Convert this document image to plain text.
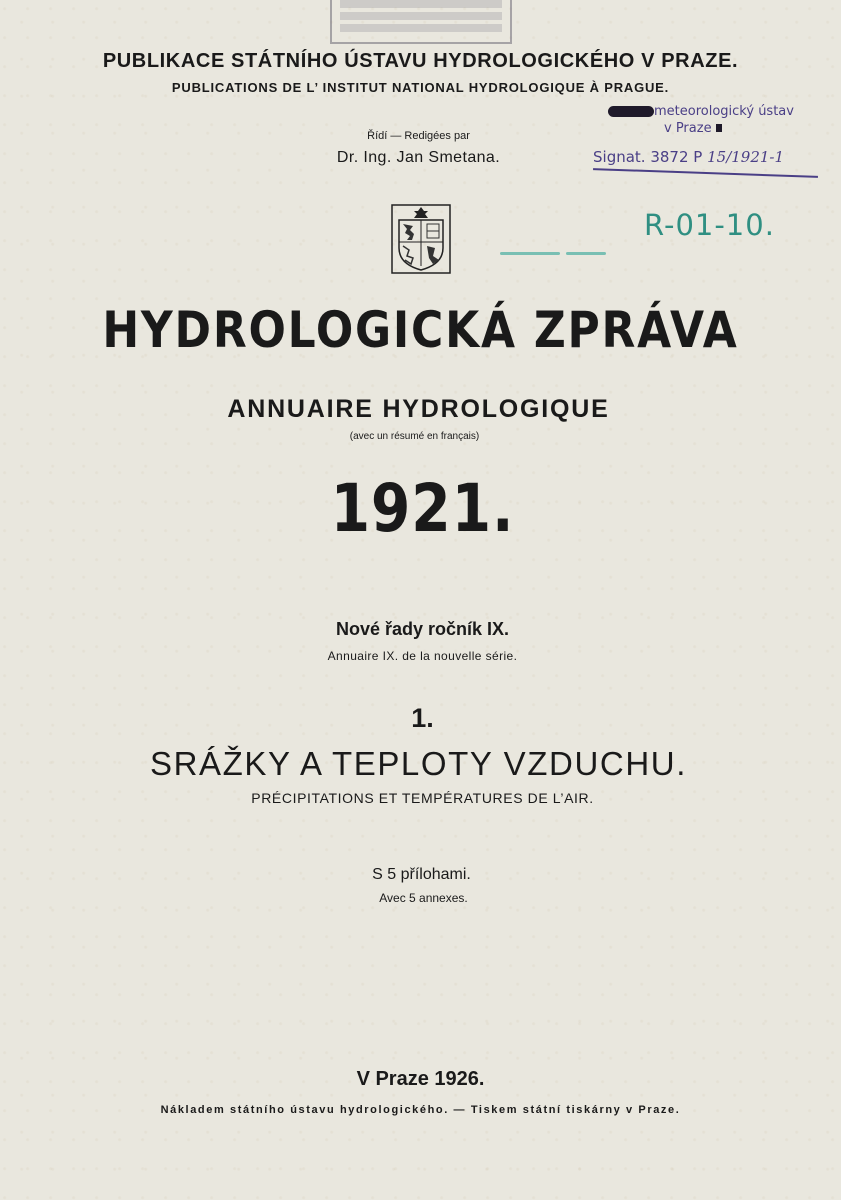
PUBLIKACE STÁTNÍHO ÚSTAVU HYDROLOGICKÉHO V PRAZE.
PUBLICATIONS DE L’ INSTITUT NATIONAL HYDROLOGIQUE À PRAGUE.
Řídí — Redigées par
Dr. Ing. Jan Smetana.
meteorologický ústav
v Praze
Signat. 3872 P 15/1921-1
R-01-10.
HYDROLOGICKÁ ZPRÁVA
ANNUAIRE HYDROLOGIQUE
(avec un résumé en français)
1921.
Nové řady ročník IX.
Annuaire IX. de la nouvelle série.
1.
SRÁŽKY A TEPLOTY VZDUCHU.
PRÉCIPITATIONS ET TEMPÉRATURES DE L’AIR.
S 5 přílohami.
Avec 5 annexes.
V Praze 1926.
Nákladem státního ústavu hydrologického. — Tiskem státní tiskárny v Praze.
